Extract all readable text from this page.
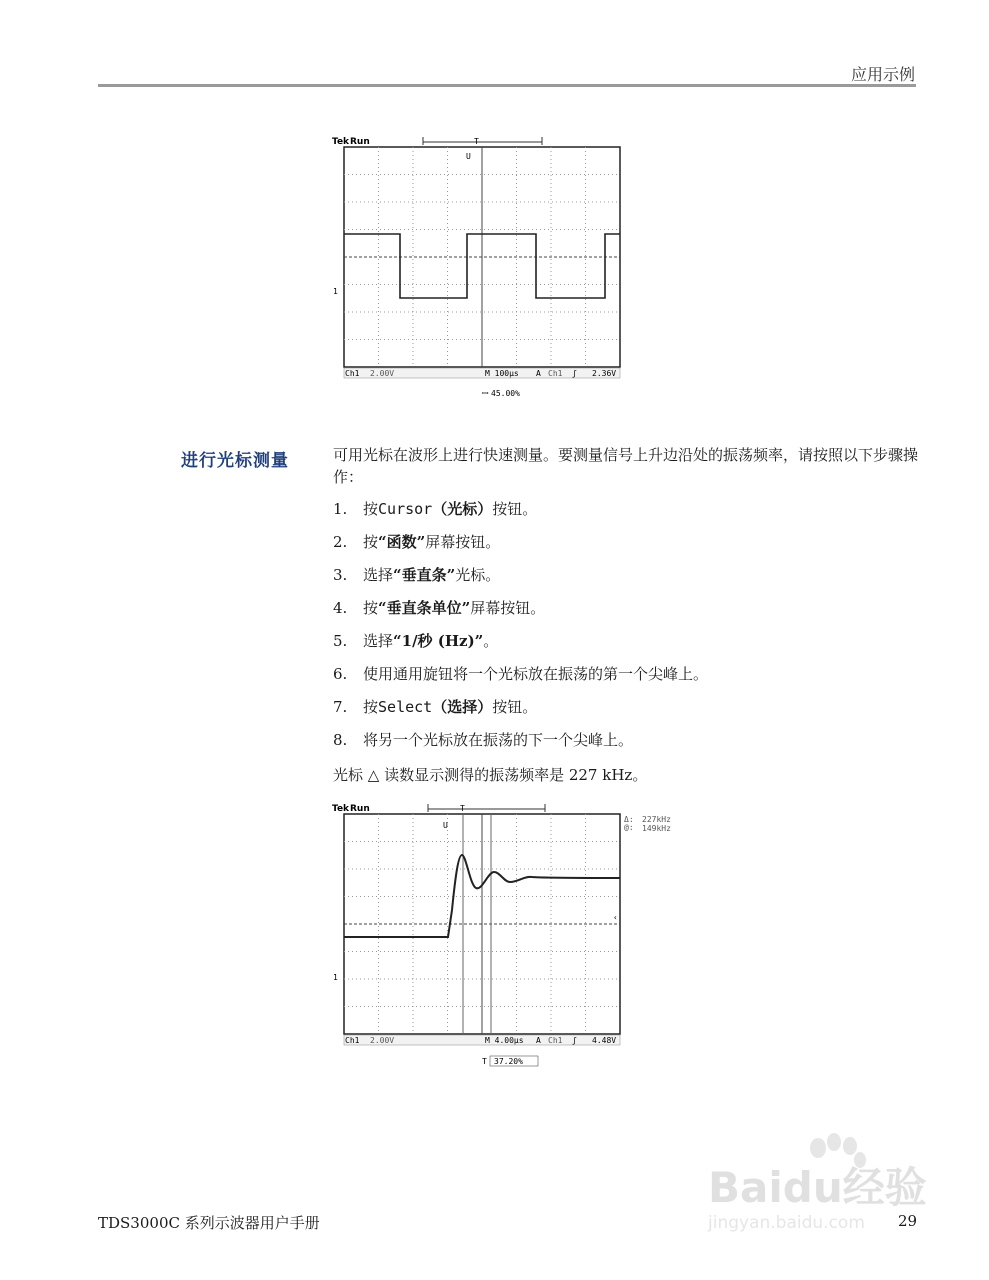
应用示例
Tek Run	T
U
1
Ch1 2.00V	M 100µs A Ch1 ʃ 2.36V
ꟷ 45.00%
进行光标测量	可用光标在波形上进行快速测量。要测量信号上升边沿处的振荡频率，请按照以下步骤操作：
1.	按 Cursor （光标） 按钮。
2.	按 “函数” 屏幕按钮。
3.	选择 “垂直条” 光标。
4.	按 “垂直条单位” 屏幕按钮。
5.	选择 “1/秒 (Hz)” 。
6.	使用通用旋钮将一个光标放在振荡的第一个尖峰上。
7.	按 Select （选择） 按钮。
8.	将另一个光标放在振荡的下一个尖峰上。
光标 △ 读数显示测得的振荡频率是 227 kHz。
Tek Run	T
U
1
‹
Δ:
@:
Ch1 2.00V	M 4.00µs A Ch1 ʃ 4.48V
T 37.20%
227kHz
149kHz
Baidu经验
jingyan.baidu.com
TDS3000C 系列示波器用户手册	29
